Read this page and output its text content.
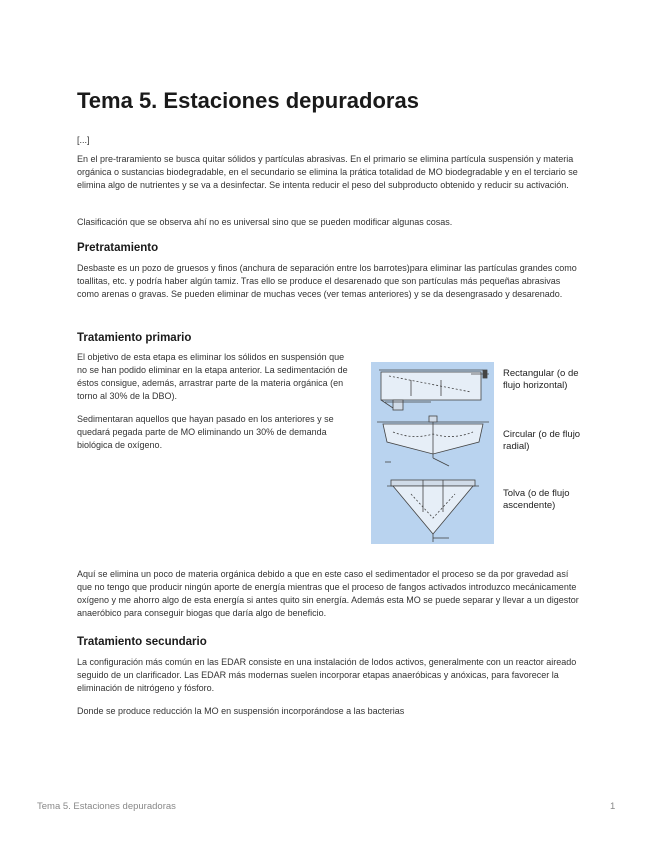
Tema 5. Estaciones depuradoras

[...]

En el pre-traramiento se busca quitar sólidos y partículas abrasivas. En el primario se elimina partícula suspensión y materia orgánica o sustancias biodegradable, en el secundario se elimina la prática totalidad de MO biodegradable y en el terciario se elimina algo de nutrientes y se va a desinfectar. Se intenta reducir el peso del subproducto obtenido y reducir su activación.

Clasificación que se observa ahí no es universal sino que se pueden modificar algunas cosas.

Pretratamiento

Desbaste es un pozo de gruesos y finos (anchura de separación entre los barrotes)para eliminar las partículas grandes como toallitas, etc. y podría haber algún tamiz. Tras ello se produce el desarenado que son partículas más pequeñas abrasivas como arenas o gravas. Se pueden eliminar de muchas veces (ver temas anteriores) y se da desengrasado y desarenado.

Tratamiento primario

El objetivo de esta etapa es eliminar los sólidos en suspensión que no se han podido eliminar en la etapa anterior. La sedimentación de éstos consigue, además, arrastrar parte de la materia orgánica (en torno al 30% de la DBO).

Sedimentaran aquellos que hayan pasado en los anteriores y se quedará pegada parte de MO eliminando un 30% de demanda biológica de oxígeno.

Rectangular (o de flujo horizontal)
Circular (o de flujo radial)
Tolva (o de flujo ascendente)

Aquí se elimina un poco de materia orgánica debido a que en este caso el sedimentador el proceso se da por gravedad así que no tengo que producir ningún aporte de energía mientras que el proceso de fangos activados introduzco mecánicamente oxígeno y me ahorro algo de esta energía si antes quito sin energía. Además esta MO se puede separar y llevar a un digestor anaeróbico para conseguir biogas que daría algo de beneficio.

Tratamiento secundario

La configuración más común en las EDAR consiste en una instalación de lodos activos, generalmente con un reactor aireado seguido de un clarificador. Las EDAR más modernas suelen incorporar etapas anaeróbicas y anóxicas, para favorecer la eliminación de nitrógeno y fósforo.

Donde se produce reducción la MO en suspensión incorporándose a las bacterias

Tema 5. Estaciones depuradoras	1
